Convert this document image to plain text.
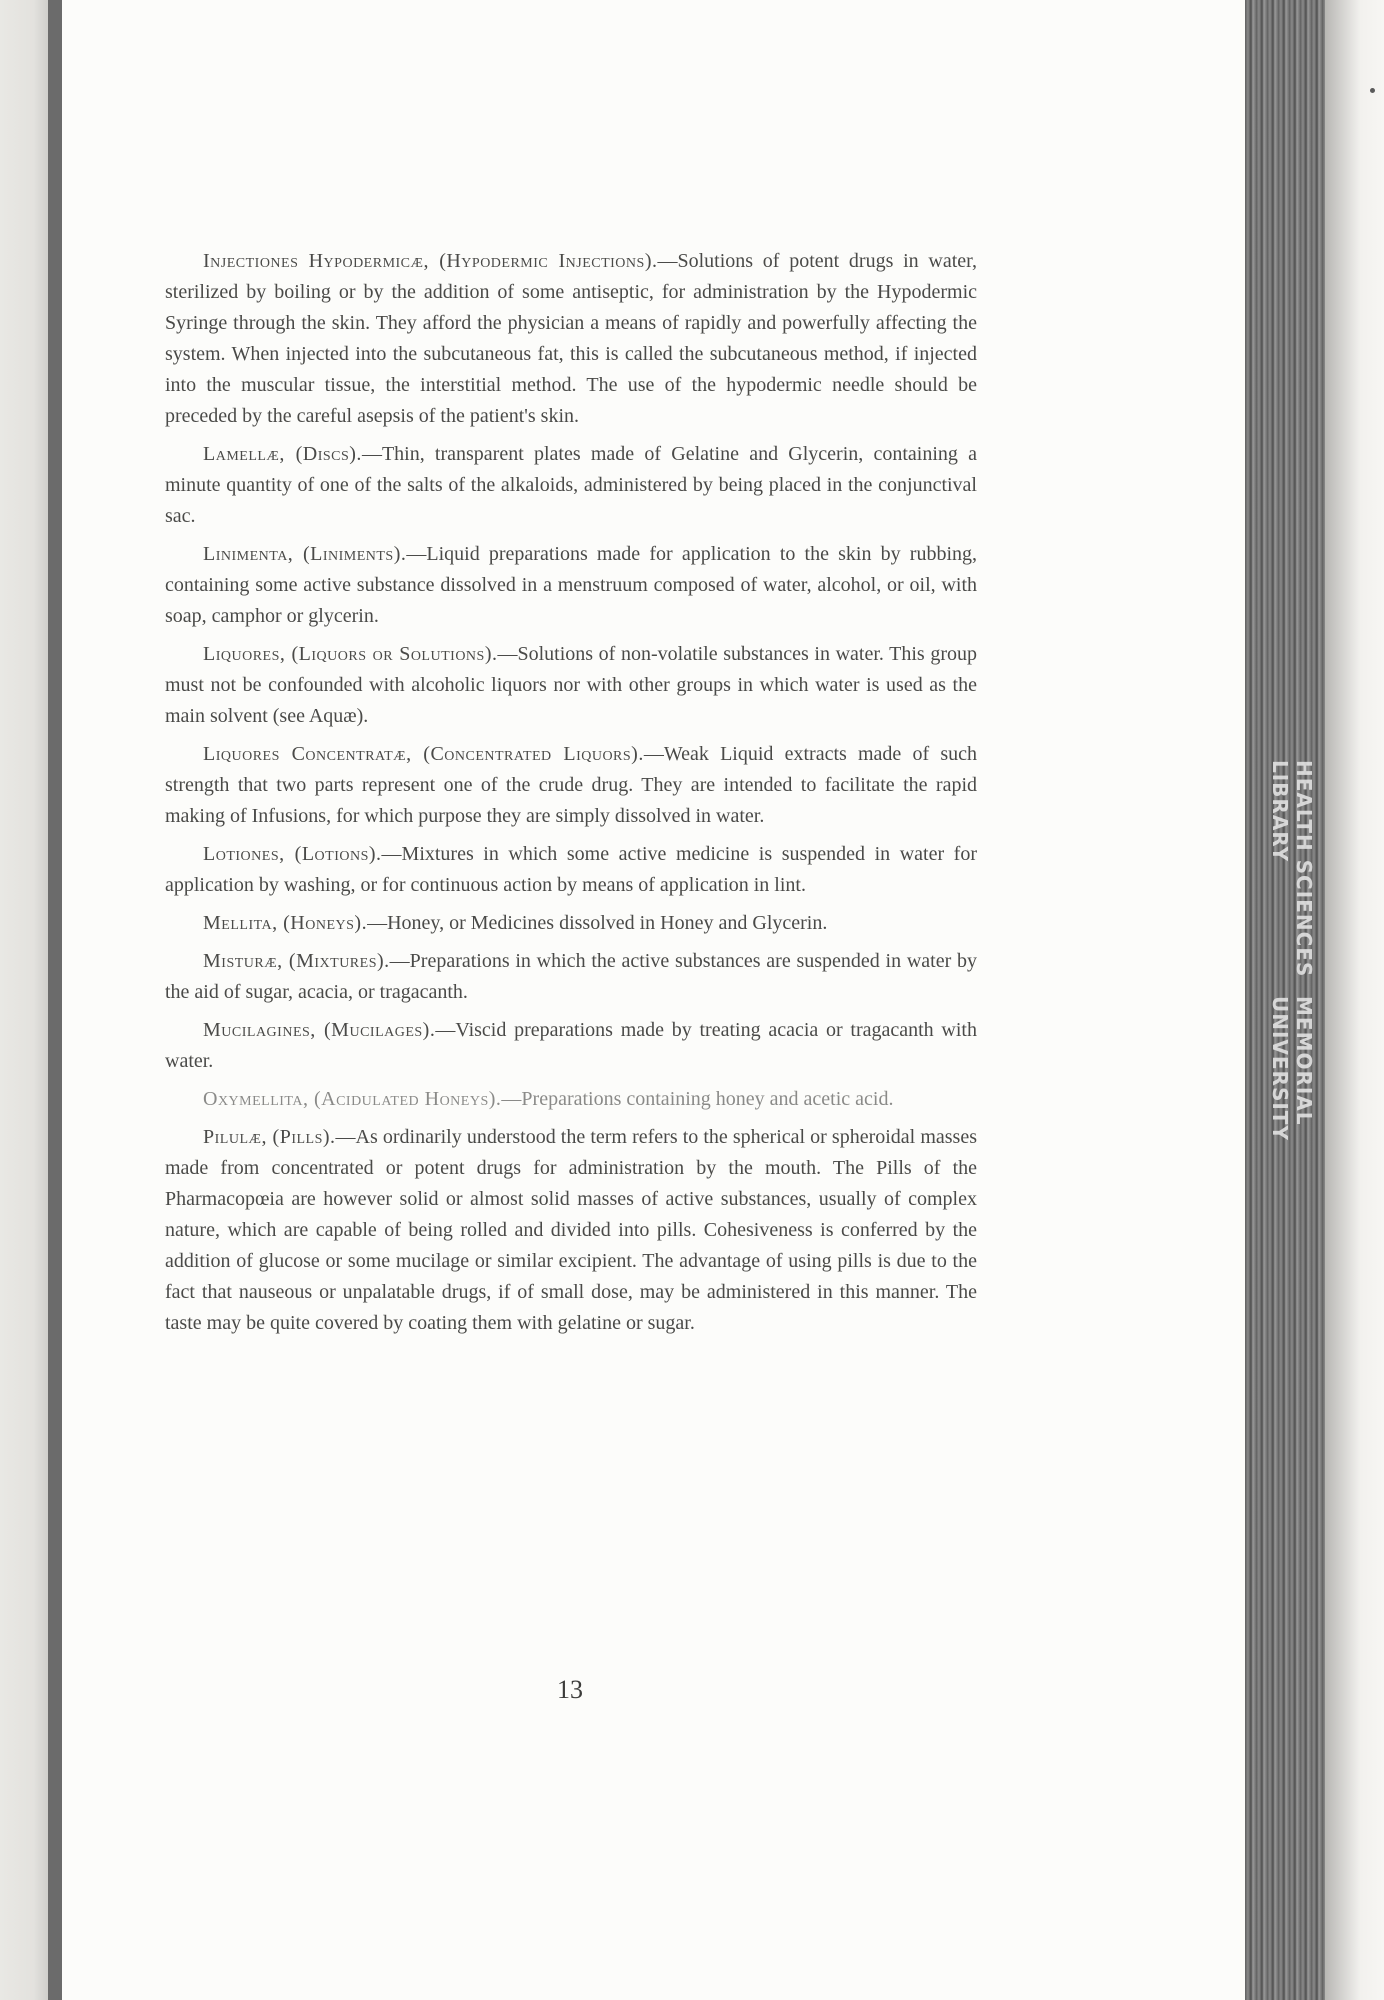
HEALTH SCIENCES LIBRARY
MEMORIAL UNIVERSITY

Injectiones Hypodermicæ, (Hypodermic Injections).—Solutions of potent drugs in water, sterilized by boiling or by the addition of some antiseptic, for administration by the Hypodermic Syringe through the skin. They afford the physician a means of rapidly and powerfully affecting the system. When injected into the subcutaneous fat, this is called the subcutaneous method, if injected into the muscular tissue, the interstitial method. The use of the hypodermic needle should be preceded by the careful asepsis of the patient's skin.

Lamellæ, (Discs).—Thin, transparent plates made of Gelatine and Glycerin, containing a minute quantity of one of the salts of the alkaloids, administered by being placed in the conjunctival sac.

Linimenta, (Liniments).—Liquid preparations made for application to the skin by rubbing, containing some active substance dissolved in a menstruum composed of water, alcohol, or oil, with soap, camphor or glycerin.

Liquores, (Liquors or Solutions).—Solutions of non-volatile substances in water. This group must not be confounded with alcoholic liquors nor with other groups in which water is used as the main solvent (see Aquæ).

Liquores Concentratæ, (Concentrated Liquors).—Weak Liquid extracts made of such strength that two parts represent one of the crude drug. They are intended to facilitate the rapid making of Infusions, for which purpose they are simply dissolved in water.

Lotiones, (Lotions).—Mixtures in which some active medicine is suspended in water for application by washing, or for continuous action by means of application in lint.

Mellita, (Honeys).—Honey, or Medicines dissolved in Honey and Glycerin.

Misturæ, (Mixtures).—Preparations in which the active substances are suspended in water by the aid of sugar, acacia, or tragacanth.

Mucilagines, (Mucilages).—Viscid preparations made by treating acacia or tragacanth with water.

Oxymellita, (Acidulated Honeys).—Preparations containing honey and acetic acid.

Pilulæ, (Pills).—As ordinarily understood the term refers to the spherical or spheroidal masses made from concentrated or potent drugs for administration by the mouth. The Pills of the Pharmacopœia are however solid or almost solid masses of active substances, usually of complex nature, which are capable of being rolled and divided into pills. Cohesiveness is conferred by the addition of glucose or some mucilage or similar excipient. The advantage of using pills is due to the fact that nauseous or unpalatable drugs, if of small dose, may be administered in this manner. The taste may be quite covered by coating them with gelatine or sugar.

13
